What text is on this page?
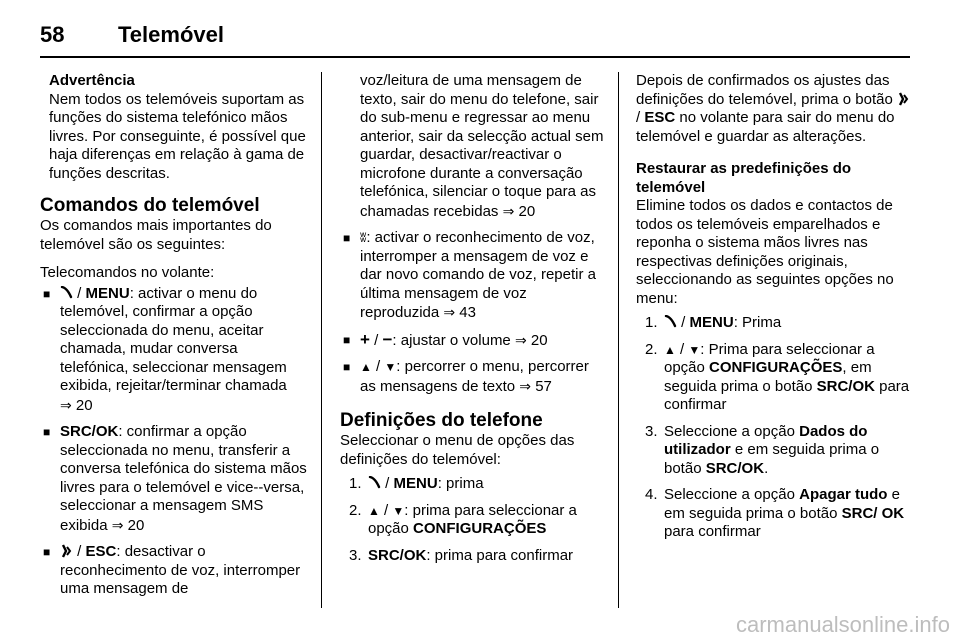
58 Telemóvel

Advertência

Nem todos os telemóveis suportam as funções do sistema telefónico mãos livres. Por conseguinte, é possível que haja diferenças em relação à gama de funções descritas.

Comandos do telemóvel

Os comandos mais importantes do telemóvel são os seguintes:

Telecomandos no volante:

■ / MENU: activar o menu do telemóvel, confirmar a opção seleccionada do menu, aceitar chamada, mudar conversa telefónica, seleccionar mensagem exibida, rejeitar/terminar chamada
⇒ 20
■ SRC/OK: confirmar a opção seleccionada no menu, transferir a conversa telefónica do sistema mãos livres para o telemóvel e vice--versa, seleccionar a mensagem SMS exibida ⇒ 20
■ / ESC: desactivar o reconhecimento de voz, interromper uma mensagem de

voz/leitura de uma mensagem de texto, sair do menu do telefone, sair do sub-menu e regressar ao menu anterior, sair da selecção actual sem guardar, desactivar/reactivar o microfone durante a conversação telefónica, silenciar o toque para as chamadas recebidas ⇒ 20

■ ʬ: activar o reconhecimento de voz, interromper a mensagem de voz e dar novo comando de voz, repetir a última mensagem de voz reproduzida ⇒ 43
■ + / −: ajustar o volume ⇒ 20
■ ▲ / ▼: percorrer o menu, percorrer as mensagens de texto ⇒ 57

Definições do telefone

Seleccionar o menu de opções das definições do telemóvel:

1. / MENU: prima
2. ▲ / ▼: prima para seleccionar a opção CONFIGURAÇÕES
3. SRC/OK: prima para confirmar

Depois de confirmados os ajustes das definições do telemóvel, prima o botão  / ESC no volante para sair do menu do telemóvel e guardar as alterações.

Restaurar as predefinições do telemóvel

Elimine todos os dados e contactos de todos os telemóveis emparelhados e reponha o sistema mãos livres nas respectivas definições originais, seleccionando as seguintes opções no menu:

1. / MENU: Prima
2. ▲ / ▼: Prima para seleccionar a opção CONFIGURAÇÕES, em seguida prima o botão SRC/OK para confirmar
3. Seleccione a opção Dados do utilizador e em seguida prima o botão SRC/OK.
4. Seleccione a opção Apagar tudo e em seguida prima o botão SRC/ OK para confirmar
carmanualsonline.info
